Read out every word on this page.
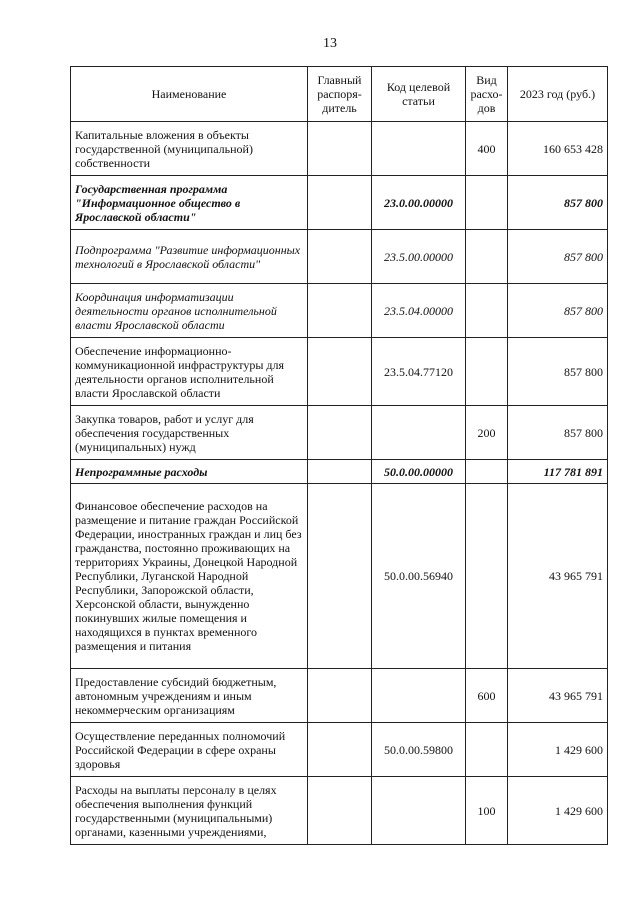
13
Наименование	Главный распоря-дитель	Код целевой статьи	Вид расхо-дов	2023 год (руб.)
Капитальные вложения в объекты государственной (муниципальной) собственности			400	160 653 428
Государственная программа "Информационное общество в Ярославской области"		23.0.00.00000		857 800
Подпрограмма "Развитие информационных технологий в Ярославской области"		23.5.00.00000		857 800
Координация информатизации деятельности органов исполнительной власти Ярославской области		23.5.04.00000		857 800
Обеспечение информационно-коммуникационной инфраструктуры для деятельности органов исполнительной власти Ярославской области		23.5.04.77120		857 800
Закупка товаров, работ и услуг для обеспечения государственных (муниципальных) нужд			200	857 800
Непрограммные расходы		50.0.00.00000		117 781 891
Финансовое обеспечение расходов на размещение и питание граждан Российской Федерации, иностранных граждан и лиц без гражданства, постоянно проживающих на территориях Украины, Донецкой Народной Республики, Луганской Народной Республики, Запорожской области, Херсонской области, вынужденно покинувших жилые помещения и находящихся в пунктах временного размещения и питания		50.0.00.56940		43 965 791
Предоставление субсидий бюджетным, автономным учреждениям и иным некоммерческим организациям			600	43 965 791
Осуществление переданных полномочий Российской Федерации в сфере охраны здоровья		50.0.00.59800		1 429 600
Расходы на выплаты персоналу в целях обеспечения выполнения функций государственными (муниципальными) органами, казенными учреждениями,			100	1 429 600
